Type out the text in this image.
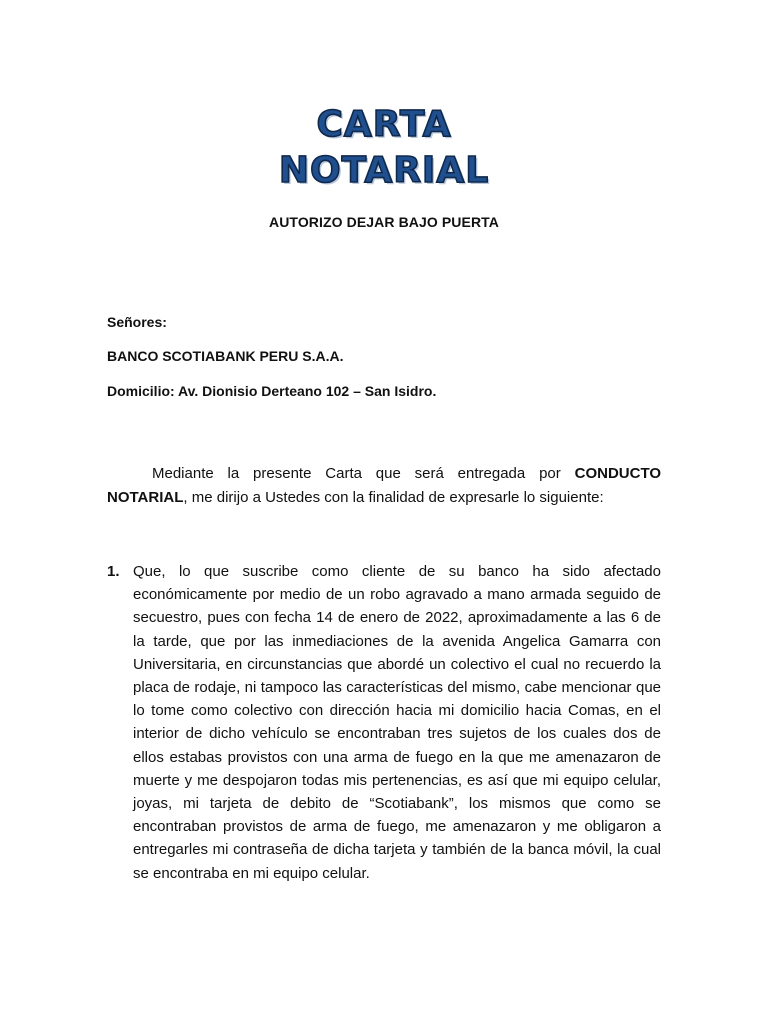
CARTA
NOTARIAL
AUTORIZO DEJAR BAJO PUERTA
Señores:
BANCO SCOTIABANK PERU S.A.A.
Domicilio: Av. Dionisio Derteano 102 – San Isidro.

Mediante la presente Carta que será entregada por CONDUCTO NOTARIAL, me dirijo a Ustedes con la finalidad de expresarle lo siguiente:

1. Que, lo que suscribe como cliente de su banco ha sido afectado económicamente por medio de un robo agravado a mano armada seguido de secuestro, pues con fecha 14 de enero de 2022, aproximadamente a las 6 de la tarde, que por las inmediaciones de la avenida Angelica Gamarra con Universitaria, en circunstancias que abordé un colectivo el cual no recuerdo la placa de rodaje, ni tampoco las características del mismo, cabe mencionar que lo tome como colectivo con dirección hacia mi domicilio hacia Comas, en el interior de dicho vehículo se encontraban tres sujetos de los cuales dos de ellos estabas provistos con una arma de fuego en la que me amenazaron de muerte y me despojaron todas mis pertenencias, es así que mi equipo celular, joyas, mi tarjeta de debito de “Scotiabank”, los mismos que como se encontraban provistos de arma de fuego, me amenazaron y me obligaron a entregarles mi contraseña de dicha tarjeta y también de la banca móvil, la cual se encontraba en mi equipo celular.
